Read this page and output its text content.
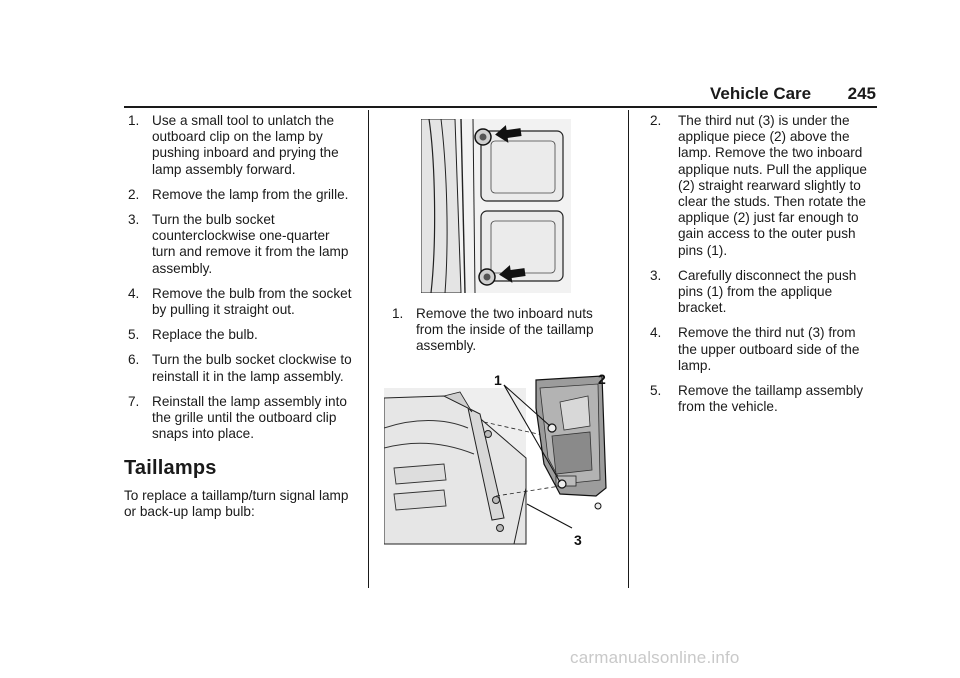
Vehicle Care 245
1. Use a small tool to unlatch the outboard clip on the lamp by pushing inboard and prying the lamp assembly forward.
2. Remove the lamp from the grille.
3. Turn the bulb socket counterclockwise one-quarter turn and remove it from the lamp assembly.
4. Remove the bulb from the socket by pulling it straight out.
5. Replace the bulb.
6. Turn the bulb socket clockwise to reinstall it in the lamp assembly.
7. Reinstall the lamp assembly into the grille until the outboard clip snaps into place.
Taillamps

To replace a taillamp/turn signal lamp or back-up lamp bulb:

1. Remove the two inboard nuts from the inside of the taillamp assembly.
1	2
3
2. The third nut (3) is under the applique piece (2) above the lamp. Remove the two inboard applique nuts. Pull the applique (2) straight rearward slightly to clear the studs. Then rotate the applique (2) just far enough to gain access to the outer push pins (1).
3. Carefully disconnect the push pins (1) from the applique bracket.
4. Remove the third nut (3) from the upper outboard side of the lamp.
5. Remove the taillamp assembly from the vehicle.
carmanualsonline.info
